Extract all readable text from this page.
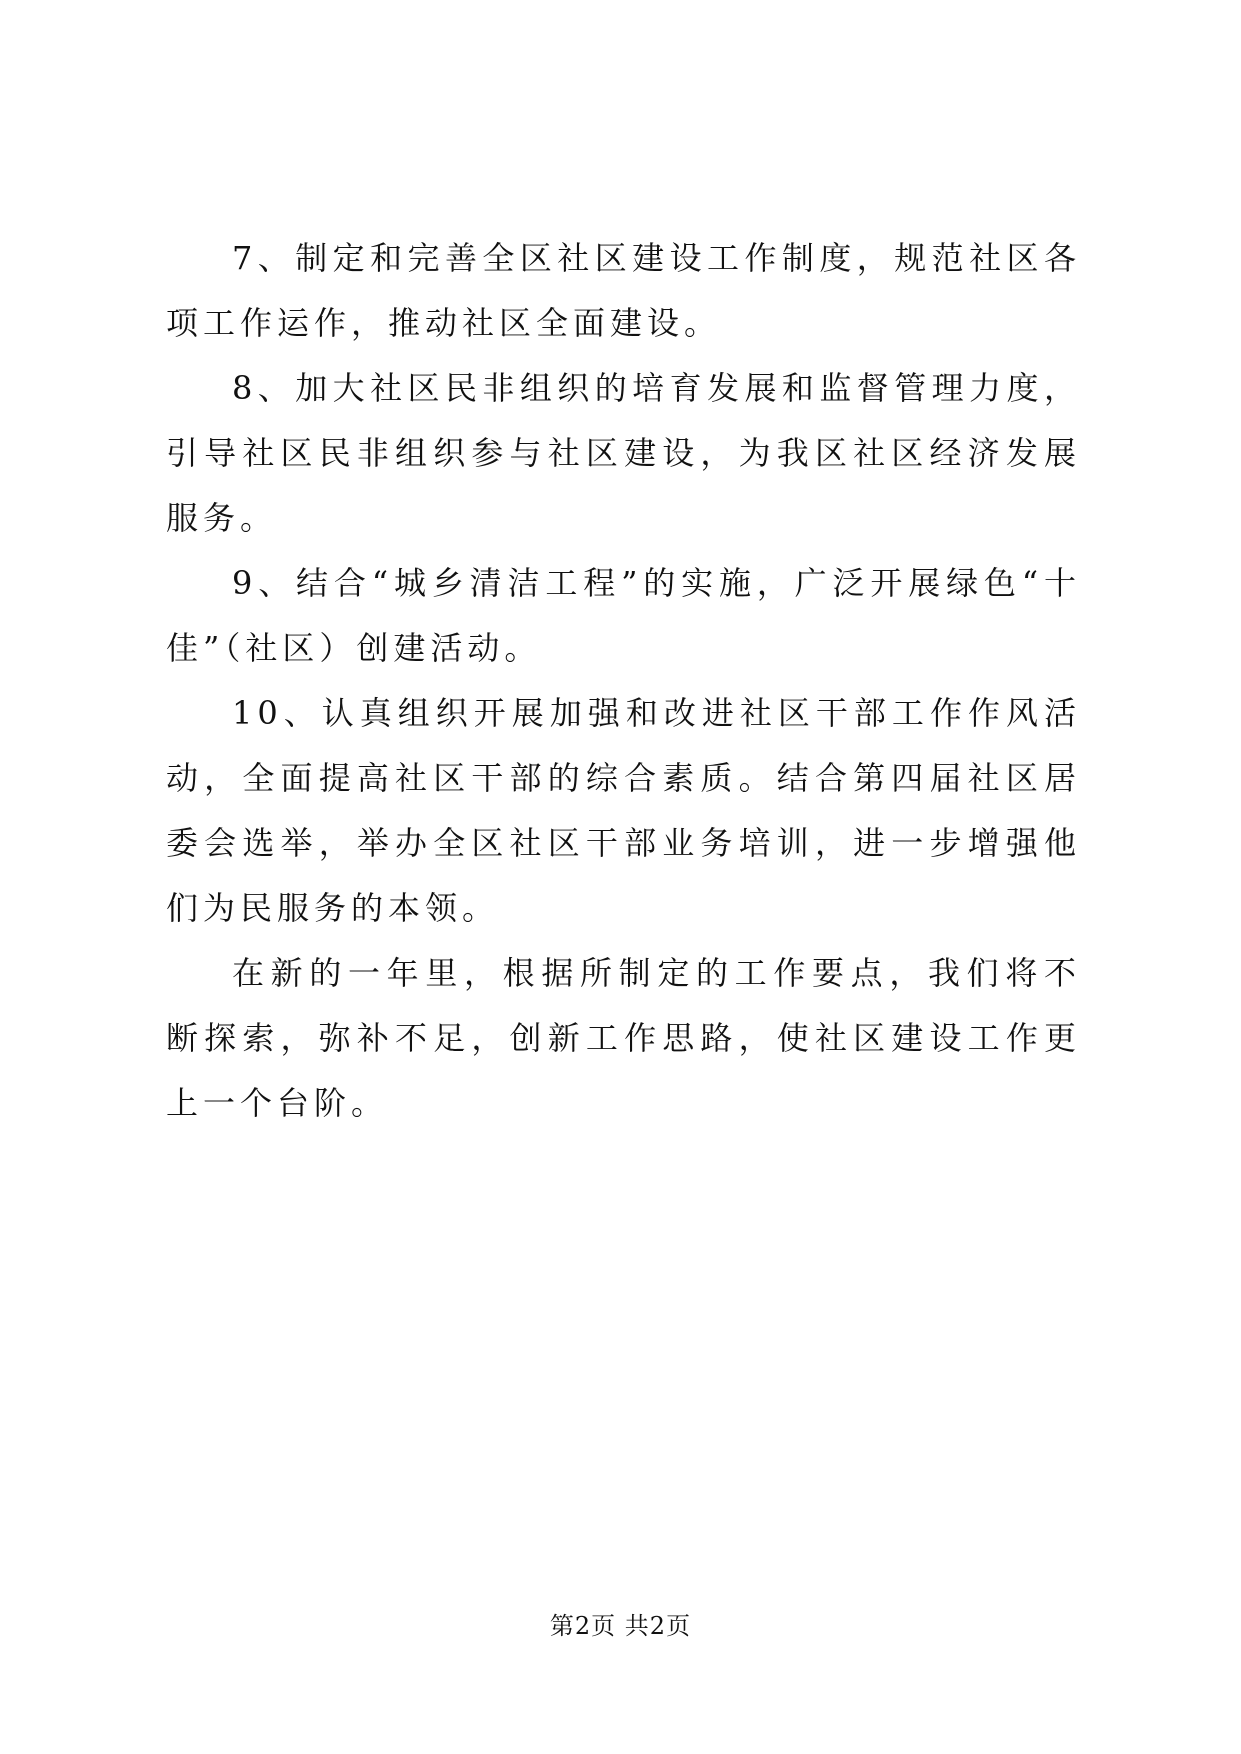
7、制定和完善全区社区建设工作制度，规范社区各项工作运作，推动社区全面建设。

8、加大社区民非组织的培育发展和监督管理力度，引导社区民非组织参与社区建设，为我区社区经济发展服务。

9、结合“城乡清洁工程”的实施，广泛开展绿色“十佳”（社区）创建活动。

10、认真组织开展加强和改进社区干部工作作风活动，全面提高社区干部的综合素质。结合第四届社区居委会选举，举办全区社区干部业务培训，进一步增强他们为民服务的本领。

在新的一年里，根据所制定的工作要点，我们将不断探索，弥补不足，创新工作思路，使社区建设工作更上一个台阶。

第2页 共2页
